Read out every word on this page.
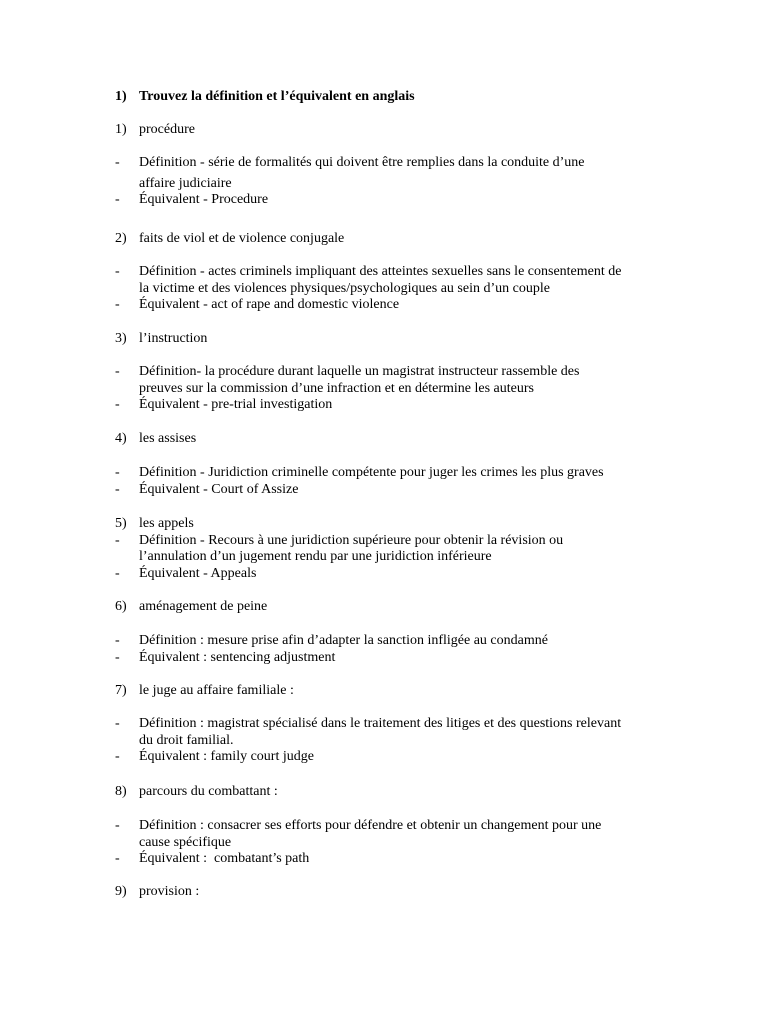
1) Trouvez la définition et l’équivalent en anglais
1) procédure
- Définition - série de formalités qui doivent être remplies dans la conduite d’une
affaire judiciaire
- Équivalent - Procedure
2) faits de viol et de violence conjugale
- Définition - actes criminels impliquant des atteintes sexuelles sans le consentement de
la victime et des violences physiques/psychologiques au sein d’un couple
- Équivalent - act of rape and domestic violence
3) l’instruction
- Définition- la procédure durant laquelle un magistrat instructeur rassemble des
preuves sur la commission d’une infraction et en détermine les auteurs
- Équivalent - pre-trial investigation
4) les assises
- Définition - Juridiction criminelle compétente pour juger les crimes les plus graves
- Équivalent - Court of Assize
5) les appels
- Définition - Recours à une juridiction supérieure pour obtenir la révision ou
l’annulation d’un jugement rendu par une juridiction inférieure
- Équivalent - Appeals
6) aménagement de peine
- Définition : mesure prise afin d’adapter la sanction infligée au condamné
- Équivalent : sentencing adjustment
7) le juge au affaire familiale :
- Définition : magistrat spécialisé dans le traitement des litiges et des questions relevant
du droit familial.
- Équivalent : family court judge
8) parcours du combattant :
- Définition : consacrer ses efforts pour défendre et obtenir un changement pour une
cause spécifique
- Équivalent :  combatant’s path
9) provision :
